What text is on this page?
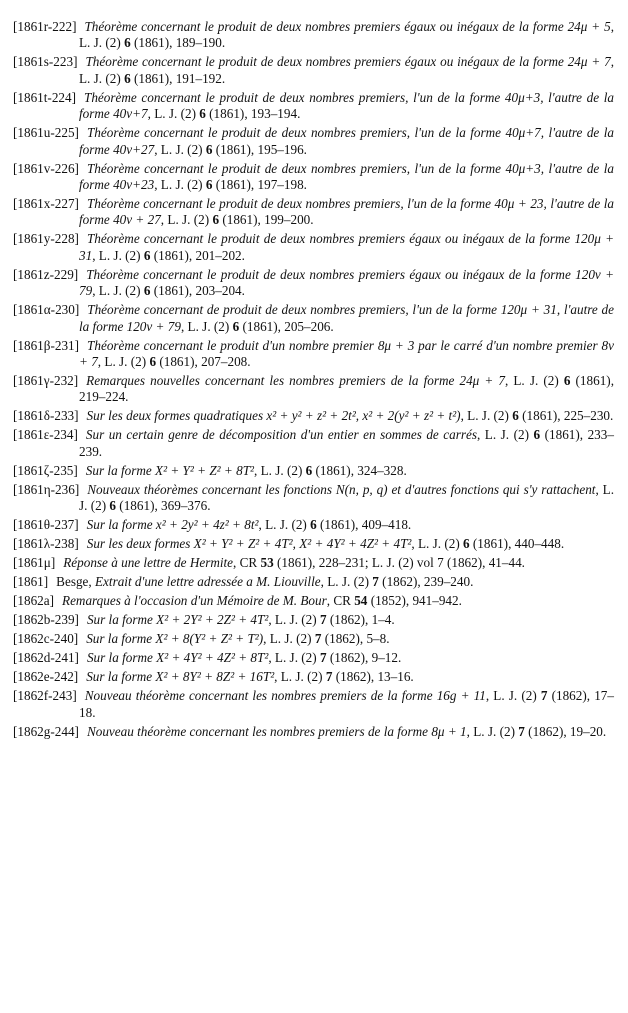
[1861r-222] Théorème concernant le produit de deux nombres premiers égaux ou inégaux de la forme 24μ + 5, L. J. (2) 6 (1861), 189–190.

[1861s-223] Théorème concernant le produit de deux nombres premiers égaux ou inégaux de la forme 24μ + 7, L. J. (2) 6 (1861), 191–192.

[1861t-224] Théorème concernant le produit de deux nombres premiers, l'un de la forme 40μ+3, l'autre de la forme 40ν+7, L. J. (2) 6 (1861), 193–194.

[1861u-225] Théorème concernant le produit de deux nombres premiers, l'un de la forme 40μ+7, l'autre de la forme 40ν+27, L. J. (2) 6 (1861), 195–196.

[1861v-226] Théorème concernant le produit de deux nombres premiers, l'un de la forme 40μ+3, l'autre de la forme 40ν+23, L. J. (2) 6 (1861), 197–198.

[1861x-227] Théorème concernant le produit de deux nombres premiers, l'un de la forme 40μ + 23, l'autre de la forme 40ν + 27, L. J. (2) 6 (1861), 199–200.

[1861y-228] Théorème concernant le produit de deux nombres premiers égaux ou inégaux de la forme 120μ + 31, L. J. (2) 6 (1861), 201–202.

[1861z-229] Théorème concernant le produit de deux nombres premiers égaux ou inégaux de la forme 120ν + 79, L. J. (2) 6 (1861), 203–204.

[1861α-230] Théorème concernant de produit de deux nombres premiers, l'un de la forme 120μ + 31, l'autre de la forme 120ν + 79, L. J. (2) 6 (1861), 205–206.

[1861β-231] Théorème concernant le produit d'un nombre premier 8μ + 3 par le carré d'un nombre premier 8ν + 7, L. J. (2) 6 (1861), 207–208.

[1861γ-232] Remarques nouvelles concernant les nombres premiers de la forme 24μ + 7, L. J. (2) 6 (1861), 219–224.

[1861δ-233] Sur les deux formes quadratiques x² + y² + z² + 2t², x² + 2(y² + z² + t²), L. J. (2) 6 (1861), 225–230.

[1861ε-234] Sur un certain genre de décomposition d'un entier en sommes de carrés, L. J. (2) 6 (1861), 233–239.

[1861ζ-235] Sur la forme X² + Y² + Z² + 8T², L. J. (2) 6 (1861), 324–328.

[1861η-236] Nouveaux théorèmes concernant les fonctions N(n, p, q) et d'autres fonctions qui s'y rattachent, L. J. (2) 6 (1861), 369–376.

[1861θ-237] Sur la forme x² + 2y² + 4z² + 8t², L. J. (2) 6 (1861), 409–418.

[1861λ-238] Sur les deux formes X² + Y² + Z² + 4T², X² + 4Y² + 4Z² + 4T², L. J. (2) 6 (1861), 440–448.

[1861μ] Réponse à une lettre de Hermite, CR 53 (1861), 228–231; L. J. (2) vol 7 (1862), 41–44.

[1861] Besge, Extrait d'une lettre adressée a M. Liouville, L. J. (2) 7 (1862), 239–240.

[1862a] Remarques à l'occasion d'un Mémoire de M. Bour, CR 54 (1852), 941–942.

[1862b-239] Sur la forme X² + 2Y² + 2Z² + 4T², L. J. (2) 7 (1862), 1–4.

[1862c-240] Sur la forme X² + 8(Y² + Z² + T²), L. J. (2) 7 (1862), 5–8.

[1862d-241] Sur la forme X² + 4Y² + 4Z² + 8T², L. J. (2) 7 (1862), 9–12.

[1862e-242] Sur la forme X² + 8Y² + 8Z² + 16T², L. J. (2) 7 (1862), 13–16.

[1862f-243] Nouveau théorème concernant les nombres premiers de la forme 16g + 11, L. J. (2) 7 (1862), 17–18.

[1862g-244] Nouveau théorème concernant les nombres premiers de la forme 8μ + 1, L. J. (2) 7 (1862), 19–20.
